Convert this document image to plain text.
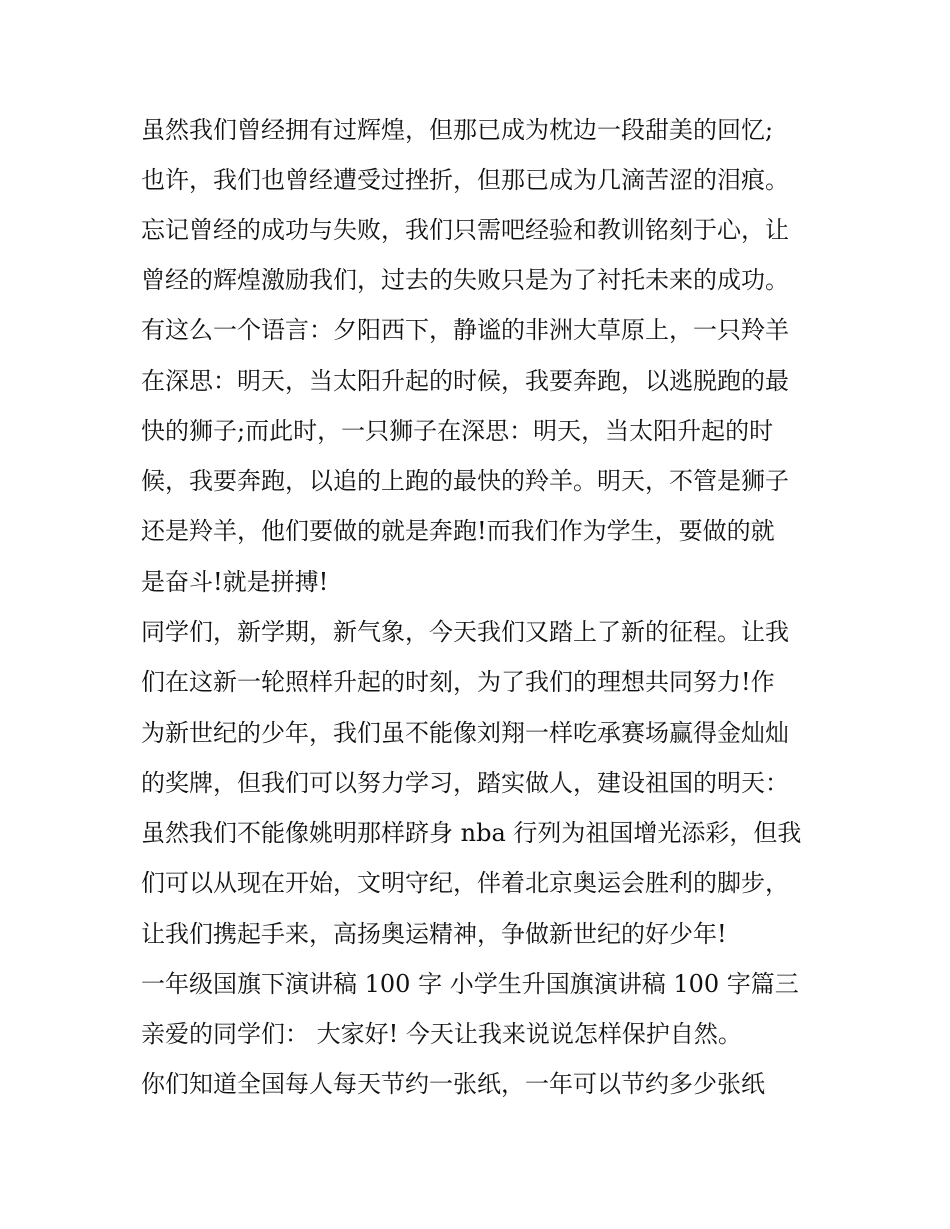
虽然我们曾经拥有过辉煌，但那已成为枕边一段甜美的回忆;
也许，我们也曾经遭受过挫折，但那已成为几滴苦涩的泪痕。
忘记曾经的成功与失败，我们只需吧经验和教训铭刻于心，让
曾经的辉煌激励我们，过去的失败只是为了衬托未来的成功。
有这么一个语言：夕阳西下，静谧的非洲大草原上，一只羚羊
在深思：明天，当太阳升起的时候，我要奔跑，以逃脱跑的最
快的狮子;而此时，一只狮子在深思：明天，当太阳升起的时
候，我要奔跑，以追的上跑的最快的羚羊。明天，不管是狮子
还是羚羊，他们要做的就是奔跑!而我们作为学生，要做的就
是奋斗!就是拼搏!
同学们，新学期，新气象，今天我们又踏上了新的征程。让我
们在这新一轮照样升起的时刻，为了我们的理想共同努力!作
为新世纪的少年，我们虽不能像刘翔一样吃承赛场赢得金灿灿
的奖牌，但我们可以努力学习，踏实做人，建设祖国的明天：
虽然我们不能像姚明那样跻身 nba 行列为祖国增光添彩，但我
们可以从现在开始，文明守纪，伴着北京奥运会胜利的脚步，
让我们携起手来，高扬奥运精神，争做新世纪的好少年!
一年级国旗下演讲稿 100 字 小学生升国旗演讲稿 100 字篇三
亲爱的同学们： 大家好! 今天让我来说说怎样保护自然。
你们知道全国每人每天节约一张纸，一年可以节约多少张纸
